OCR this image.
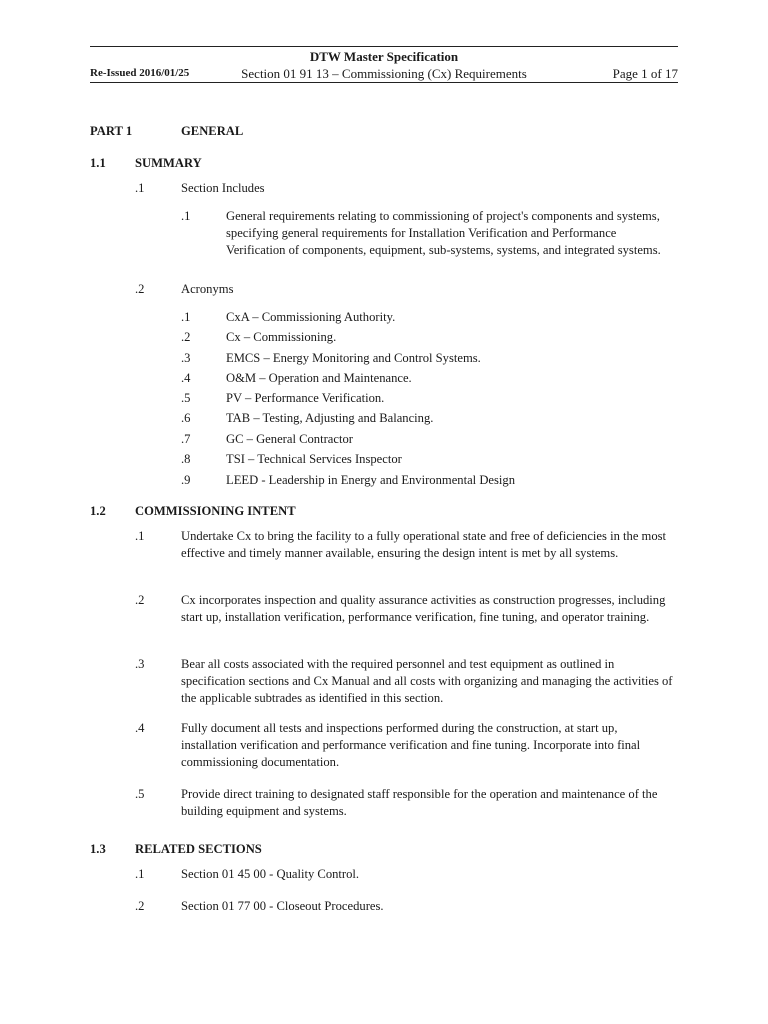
DTW Master Specification
Section 01 91 13 – Commissioning (Cx) Requirements
Re-Issued 2016/01/25	Page 1 of 17
PART 1	GENERAL
1.1 SUMMARY
.1	Section Includes
.1	General requirements relating to commissioning of project's components and systems, specifying general requirements for Installation Verification and Performance Verification of components, equipment, sub-systems, systems, and integrated systems.
.2	Acronyms
.1	CxA – Commissioning Authority.
.2	Cx – Commissioning.
.3	EMCS – Energy Monitoring and Control Systems.
.4	O&M – Operation and Maintenance.
.5	PV – Performance Verification.
.6	TAB – Testing, Adjusting and Balancing.
.7	GC – General Contractor
.8	TSI – Technical Services Inspector
.9	LEED - Leadership in Energy and Environmental Design
1.2 COMMISSIONING INTENT
.1	Undertake Cx to bring the facility to a fully operational state and free of deficiencies in the most effective and timely manner available, ensuring the design intent is met by all systems.
.2	Cx incorporates inspection and quality assurance activities as construction progresses, including start up, installation verification, performance verification, fine tuning, and operator training.
.3	Bear all costs associated with the required personnel and test equipment as outlined in specification sections and Cx Manual and all costs with organizing and managing the activities of the applicable subtrades as identified in this section.
.4	Fully document all tests and inspections performed during the construction, at start up, installation verification and performance verification and fine tuning. Incorporate into final commissioning documentation.
.5	Provide direct training to designated staff responsible for the operation and maintenance of the building equipment and systems.
1.3 RELATED SECTIONS
.1	Section 01 45 00 - Quality Control.
.2	Section 01 77 00 - Closeout Procedures.
